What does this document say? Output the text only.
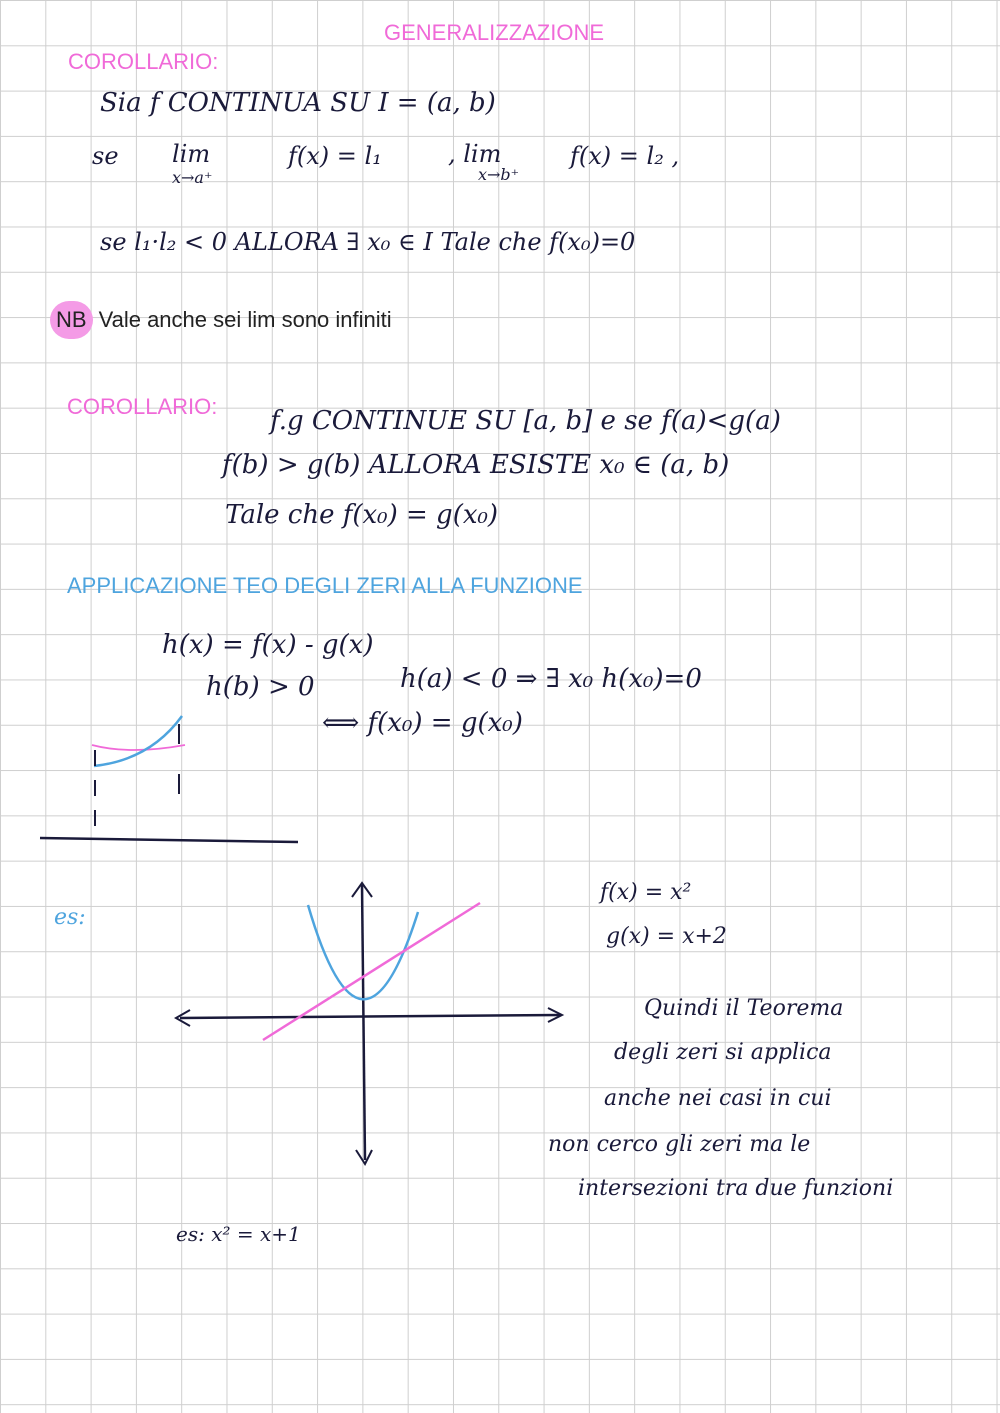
GENERALIZZAZIONE
COROLLARIO:
Sia f CONTINUA SU I = (a, b)
se lim
x→a⁺
f(x) = l₁	, lim
x→b⁺
f(x) = l₂ ,
se l₁·l₂ < 0 ALLORA ∃ x₀ ∈ I Tale che f(x₀)=0
NB Vale anche sei lim sono infiniti
COROLLARIO: f.g CONTINUE SU [a, b] e se f(a)<g(a)
f(b) > g(b) ALLORA ESISTE x₀ ∈ (a, b)
Tale che f(x₀) = g(x₀)
APPLICAZIONE TEO DEGLI ZERI ALLA FUNZIONE
h(x) = f(x) - g(x)
h(b) > 0	h(a) < 0 ⇒ ∃ x₀ h(x₀)=0
⟺ f(x₀) = g(x₀)
es:
f(x) = x²
g(x) = x+2
Quindi il Teorema
degli zeri si applica
anche nei casi in cui
non cerco gli zeri ma le
intersezioni tra due funzioni
es: x² = x+1
